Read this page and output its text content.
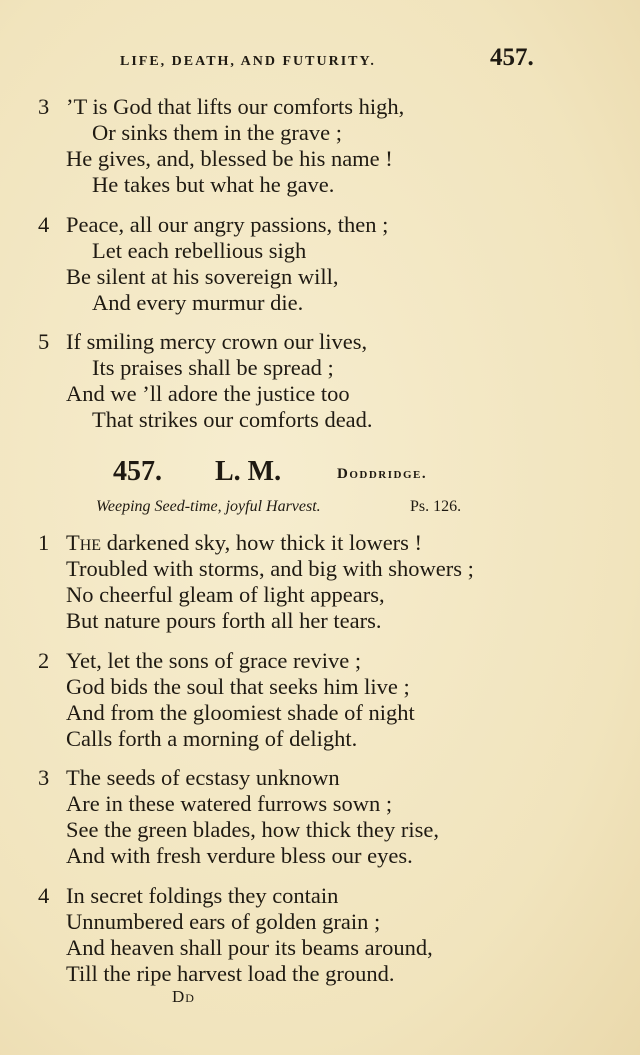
LIFE, DEATH, AND FUTURITY.	457.
3 ’T is God that lifts our comforts high,
Or sinks them in the grave ;
He gives, and, blessed be his name !
He takes but what he gave.
4 Peace, all our angry passions, then ;
Let each rebellious sigh
Be silent at his sovereign will,
And every murmur die.
5 If smiling mercy crown our lives,
Its praises shall be spread ;
And we ’ll adore the justice too
That strikes our comforts dead.
457. L. M.	Doddridge.
Weeping Seed-time, joyful Harvest.	Ps. 126.
1 The darkened sky, how thick it lowers !
Troubled with storms, and big with showers ;
No cheerful gleam of light appears,
But nature pours forth all her tears.
2 Yet, let the sons of grace revive ;
God bids the soul that seeks him live ;
And from the gloomiest shade of night
Calls forth a morning of delight.
3 The seeds of ecstasy unknown
Are in these watered furrows sown ;
See the green blades, how thick they rise,
And with fresh verdure bless our eyes.
4 In secret foldings they contain
Unnumbered ears of golden grain ;
And heaven shall pour its beams around,
Till the ripe harvest load the ground.
Dd
